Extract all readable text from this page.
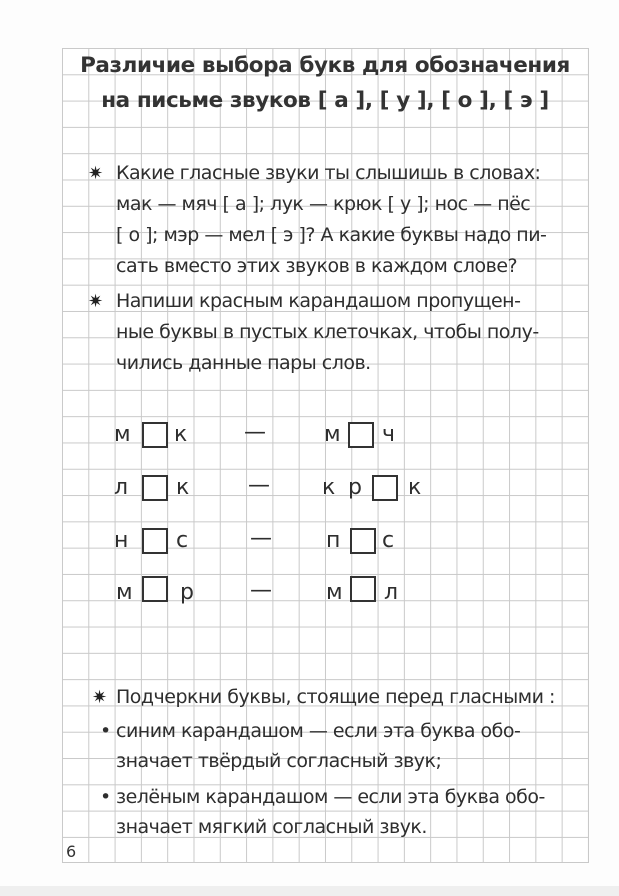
Различие выбора букв для обозначения
на письме звуков [ а ], [ у ], [ о ], [ э ]
✷ Какие гласные звуки ты слышишь в словах:
мак — мяч [ а ]; лук — крюк [ у ]; нос — пёс
[ о ]; мэр — мел [ э ]? А какие буквы надо пи-
сать вместо этих звуков в каждом слове?
✷ Напиши красным карандашом пропущен-
ные буквы в пустых клеточках, чтобы полу-
чились данные пары слов.
м к	—	м ч
л к	— к р к
н с	— п с
м р	— м л
✷ Подчеркни буквы, стоящие перед гласными :
• синим карандашом — если эта буква обо-
значает твёрдый согласный звук;
• зелёным карандашом — если эта буква обо-
значает мягкий согласный звук.
6
